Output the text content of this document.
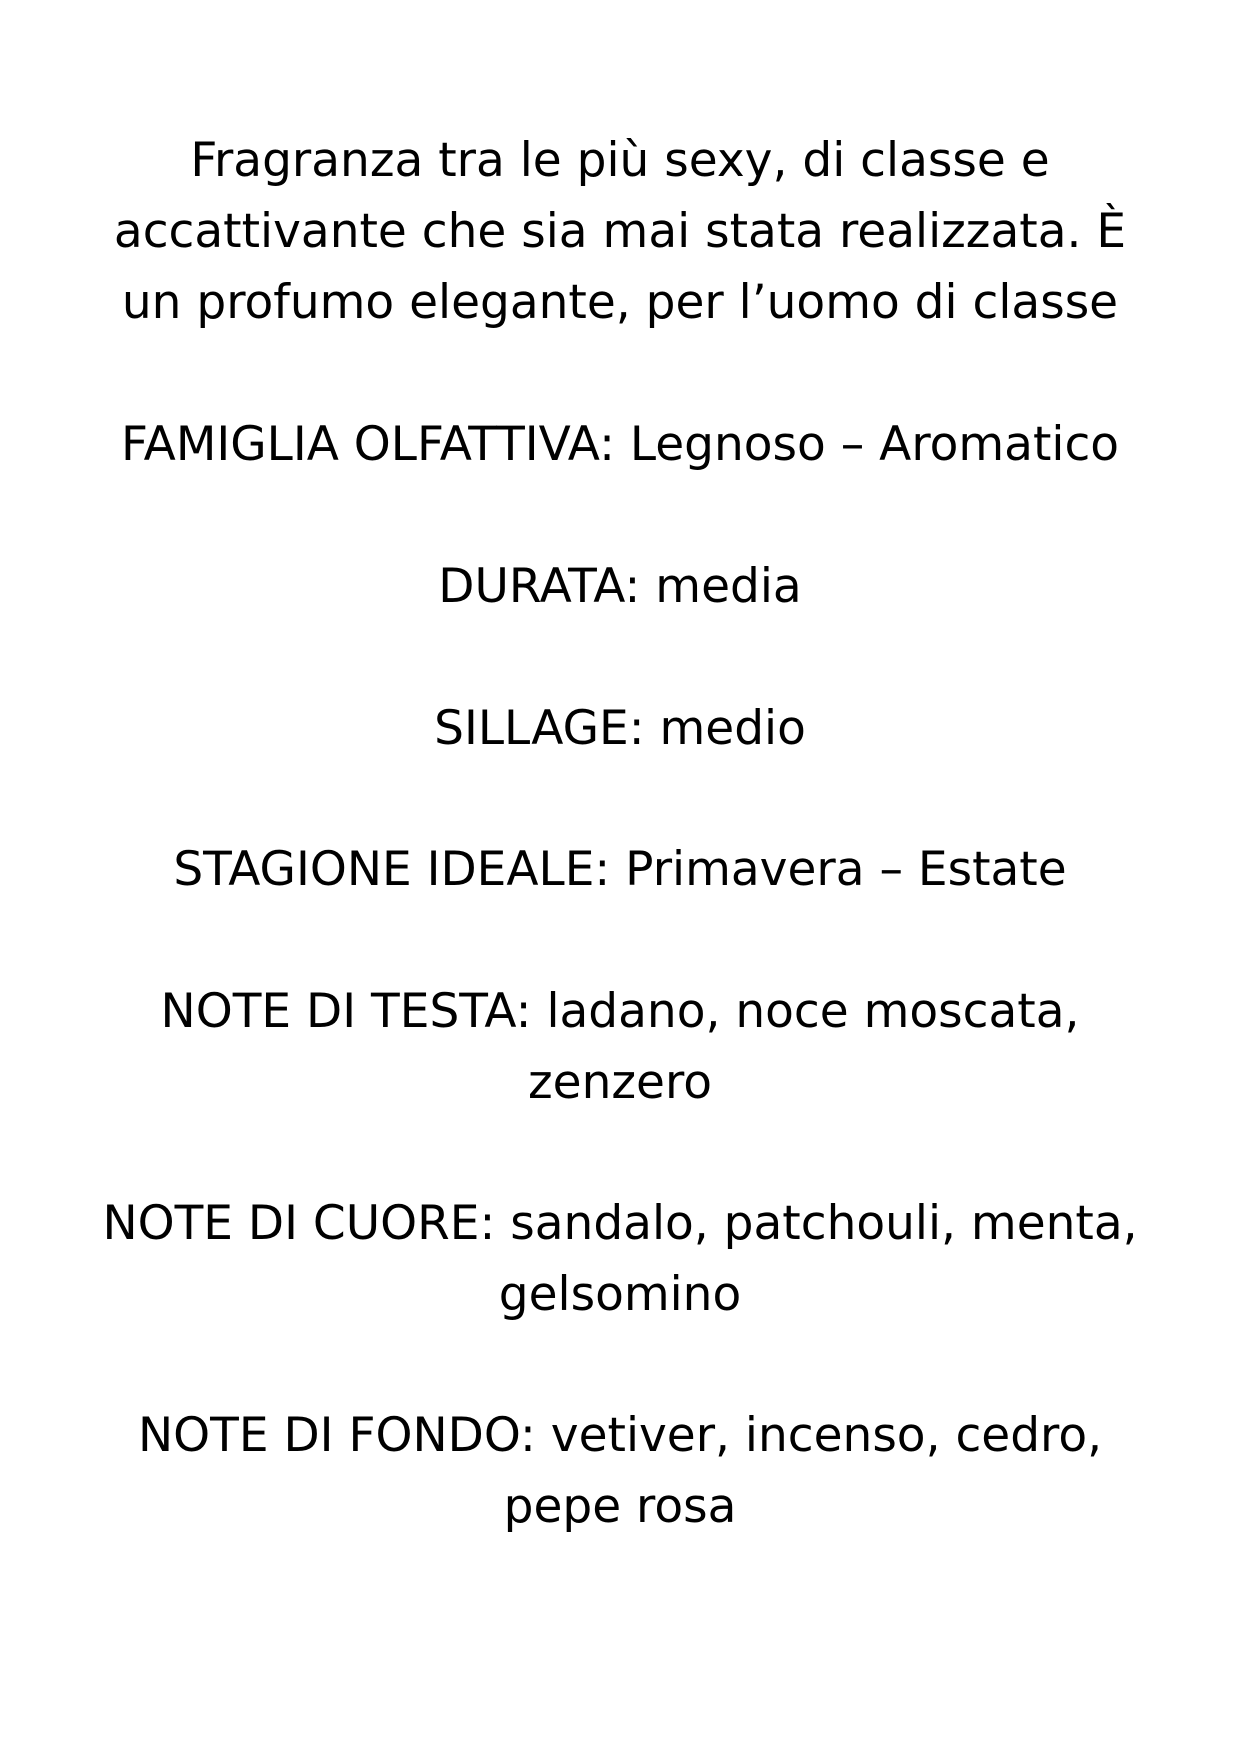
Fragranza tra le più sexy, di classe e
accattivante che sia mai stata realizzata. È
un profumo elegante, per l’uomo di classe

FAMIGLIA OLFATTIVA: Legnoso – Aromatico

DURATA: media

SILLAGE: medio

STAGIONE IDEALE: Primavera – Estate

NOTE DI TESTA: ladano, noce moscata,
zenzero

NOTE DI CUORE: sandalo, patchouli, menta,
gelsomino

NOTE DI FONDO: vetiver, incenso, cedro,
pepe rosa
